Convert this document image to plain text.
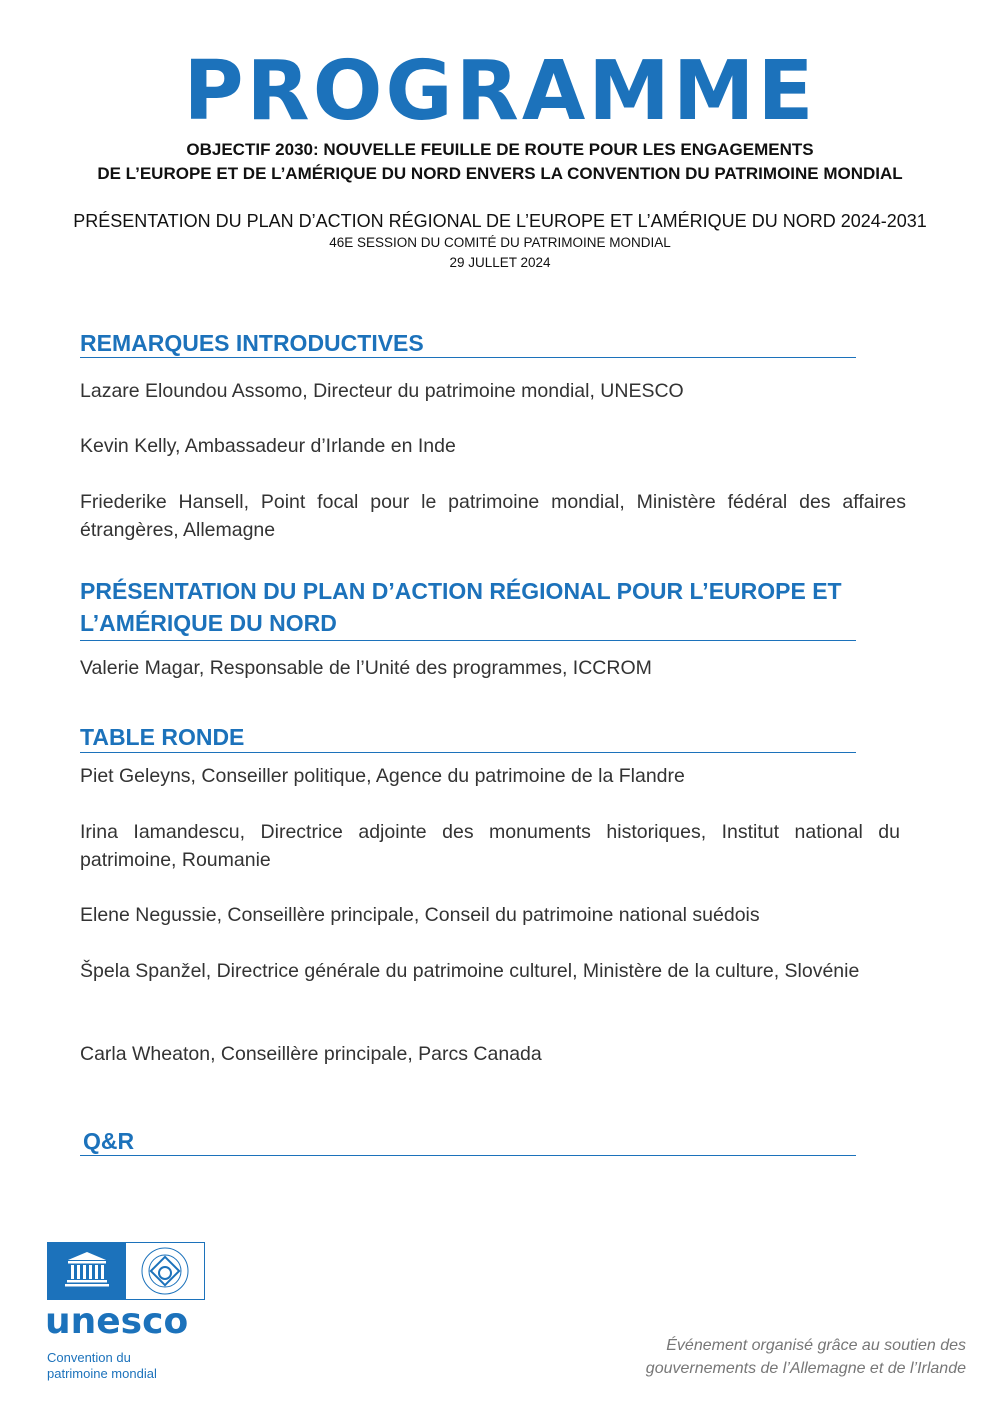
PROGRAMME
OBJECTIF 2030: NOUVELLE FEUILLE DE ROUTE POUR LES ENGAGEMENTS
DE L’EUROPE ET DE L’AMÉRIQUE DU NORD ENVERS LA CONVENTION DU PATRIMOINE MONDIAL
PRÉSENTATION DU PLAN D’ACTION RÉGIONAL DE L’EUROPE ET L’AMÉRIQUE DU NORD 2024-2031
46E SESSION DU COMITÉ DU PATRIMOINE MONDIAL
29 JULLET 2024
REMARQUES INTRODUCTIVES
Lazare Eloundou Assomo, Directeur du patrimoine mondial, UNESCO
Kevin Kelly, Ambassadeur d’Irlande en Inde
Friederike Hansell, Point focal pour le patrimoine mondial, Ministère fédéral des affaires étrangères, Allemagne
PRÉSENTATION DU PLAN D’ACTION RÉGIONAL POUR L’EUROPE ET
L’AMÉRIQUE DU NORD
Valerie Magar, Responsable de l’Unité des programmes, ICCROM
TABLE RONDE
Piet Geleyns, Conseiller politique, Agence du patrimoine de la Flandre
Irina Iamandescu, Directrice adjointe des monuments historiques, Institut national du patrimoine, Roumanie
Elene Negussie, Conseillère principale, Conseil du patrimoine national suédois
Špela Spanžel, Directrice générale du patrimoine culturel, Ministère de la culture, Slovénie
Carla Wheaton, Conseillère principale, Parcs Canada
Q&R
unesco
Convention du
patrimoine mondial
Événement organisé grâce au soutien des
gouvernements de l’Allemagne et de l’Irlande
